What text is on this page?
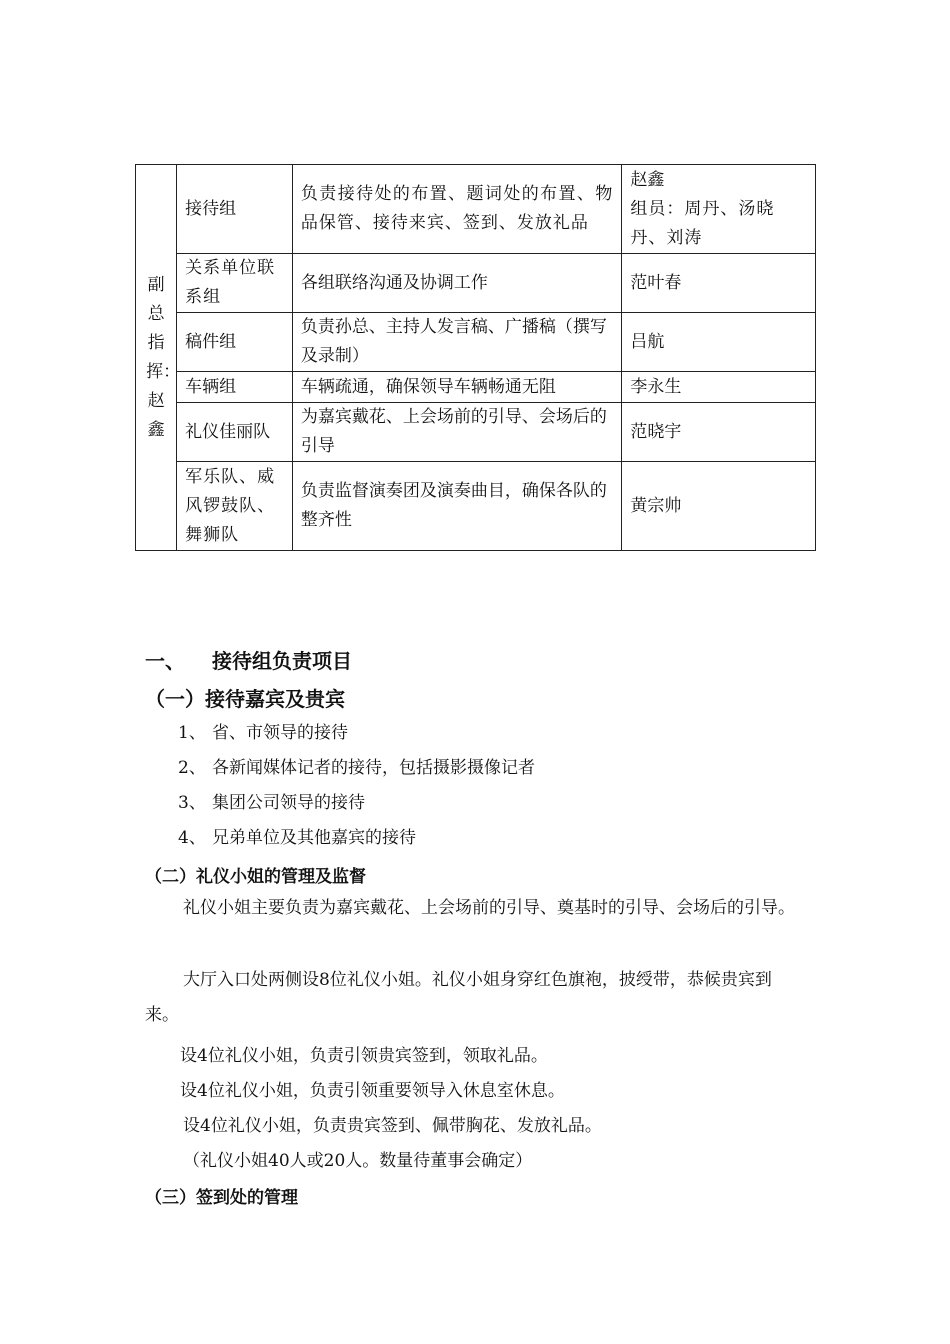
副总指挥：赵鑫	接待组	负责接待处的布置、题词处的布置、物品保管、接待来宾、签到、发放礼品	赵鑫
组员：周丹、汤晓丹、刘涛

	关系单位联系组	各组联络沟通及协调工作	范叶春
	稿件组	负责孙总、主持人发言稿、广播稿（撰写及录制）	吕航
	车辆组	车辆疏通，确保领导车辆畅通无阻	李永生
	礼仪佳丽队	为嘉宾戴花、上会场前的引导、会场后的引导	范晓宇
	军乐队、威风锣鼓队、舞狮队	负责监督演奏团及演奏曲目，确保各队的整齐性	黄宗帅
一、 接待组负责项目
（一）接待嘉宾及贵宾
1、 省、市领导的接待
2、 各新闻媒体记者的接待，包括摄影摄像记者
3、 集团公司领导的接待
4、 兄弟单位及其他嘉宾的接待
（二）礼仪小姐的管理及监督

礼仪小姐主要负责为嘉宾戴花、上会场前的引导、奠基时的引导、会场后的引导。

大厅入口处两侧设8位礼仪小姐。礼仪小姐身穿红色旗袍，披绶带，恭候贵宾到来。

设4位礼仪小姐，负责引领贵宾签到，领取礼品。
设4位礼仪小姐，负责引领重要领导入休息室休息。
设4位礼仪小姐，负责贵宾签到、佩带胸花、发放礼品。
（礼仪小姐40人或20人。数量待董事会确定）
（三）签到处的管理
